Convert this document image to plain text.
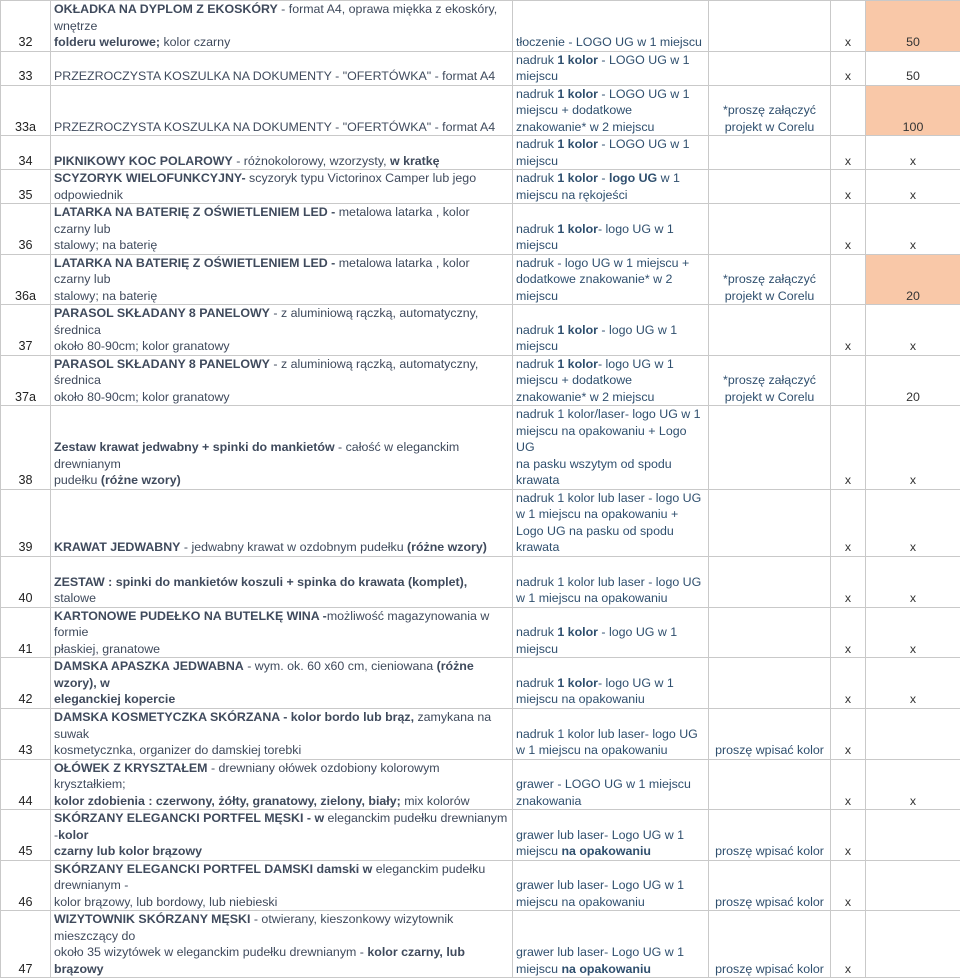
32	OKŁADKA NA DYPLOM Z EKOSKÓRY - format A4, oprawa miękka z ekoskóry, wnętrze
folderu welurowe; kolor czarny	tłoczenie - LOGO UG w 1 miejscu		x	50
33	PRZEZROCZYSTA KOSZULKA NA DOKUMENTY - "OFERTÓWKA" - format A4	nadruk 1 kolor - LOGO UG w 1
miejscu		x	50
33a	PRZEZROCZYSTA KOSZULKA NA DOKUMENTY - "OFERTÓWKA" - format A4	nadruk 1 kolor - LOGO UG w 1
miejscu + dodatkowe
znakowanie* w 2 miejscu	*proszę załączyć
projekt w Corelu		100
34	PIKNIKOWY KOC POLAROWY - różnokolorowy, wzorzysty, w kratkę	nadruk 1 kolor - LOGO UG w 1
miejscu		x	x
35	SCYZORYK WIELOFUNKCYJNY- scyzoryk typu Victorinox Camper lub jego odpowiednik	nadruk 1 kolor - logo UG w 1
miejscu na rękojeści		x	x
36	LATARKA NA BATERIĘ Z OŚWIETLENIEM LED - metalowa latarka , kolor czarny lub
stalowy; na baterię	nadruk 1 kolor- logo UG w 1
miejscu		x	x
36a	LATARKA NA BATERIĘ Z OŚWIETLENIEM LED - metalowa latarka , kolor czarny lub
stalowy; na baterię	nadruk - logo UG w 1 miejscu +
dodatkowe znakowanie* w 2
miejscu	*proszę załączyć
projekt w Corelu		20
37	PARASOL SKŁADANY 8 PANELOWY - z aluminiową rączką, automatyczny, średnica
około 80-90cm; kolor granatowy	nadruk 1 kolor - logo UG w 1
miejscu		x	x
37a	PARASOL SKŁADANY 8 PANELOWY - z aluminiową rączką, automatyczny, średnica
około 80-90cm; kolor granatowy	nadruk 1 kolor- logo UG w 1
miejscu + dodatkowe
znakowanie* w 2 miejscu	*proszę załączyć
projekt w Corelu		20
38	Zestaw krawat jedwabny + spinki do mankietów - całość w eleganckim drewnianym
pudełku (różne wzory)	nadruk 1 kolor/laser- logo UG w 1
miejscu na opakowaniu + Logo UG
na pasku wszytym od spodu
krawata		x	x
39	KRAWAT JEDWABNY - jedwabny krawat w ozdobnym pudełku (różne wzory)	nadruk 1 kolor lub laser - logo UG
w 1 miejscu na opakowaniu +
Logo UG na pasku od spodu
krawata		x	x
40	ZESTAW : spinki do mankietów koszuli + spinka do krawata (komplet), stalowe	nadruk 1 kolor lub laser - logo UG
w 1 miejscu na opakowaniu		x	x
41	KARTONOWE PUDEŁKO NA BUTELKĘ WINA -możliwość magazynowania w formie
płaskiej, granatowe	nadruk 1 kolor - logo UG w 1
miejscu		x	x
42	DAMSKA APASZKA JEDWABNA - wym. ok. 60 x60 cm, cieniowana (różne wzory), w
eleganckiej kopercie	nadruk 1 kolor- logo UG w 1
miejscu na opakowaniu		x	x
43	DAMSKA KOSMETYCZKA SKÓRZANA - kolor bordo lub brąz, zamykana na suwak
kosmetycznka, organizer do damskiej torebki	nadruk 1 kolor lub laser- logo UG
w 1 miejscu na opakowaniu	proszę wpisać kolor	x	
44	OŁÓWEK Z KRYSZTAŁEM - drewniany ołówek ozdobiony kolorowym kryształkiem;
kolor zdobienia : czerwony, żółty, granatowy, zielony, biały; mix kolorów	grawer - LOGO UG w 1 miejscu
znakowania		x	x
45	SKÓRZANY ELEGANCKI PORTFEL MĘSKI - w eleganckim pudełku drewnianym -kolor
czarny lub kolor brązowy	grawer lub laser- Logo UG w 1
miejscu na opakowaniu	proszę wpisać kolor	x	
46	SKÓRZANY ELEGANCKI PORTFEL DAMSKI damski w eleganckim pudełku drewnianym -
kolor brązowy, lub bordowy, lub niebieski	grawer lub laser- Logo UG w 1
miejscu na opakowaniu	proszę wpisać kolor	x	
47	WIZYTOWNIK SKÓRZANY MĘSKI - otwierany, kieszonkowy wizytownik mieszczący do
około 35 wizytówek w eleganckim pudełku drewnianym - kolor czarny, lub brązowy	grawer lub laser- Logo UG w 1
miejscu na opakowaniu	proszę wpisać kolor	x	
